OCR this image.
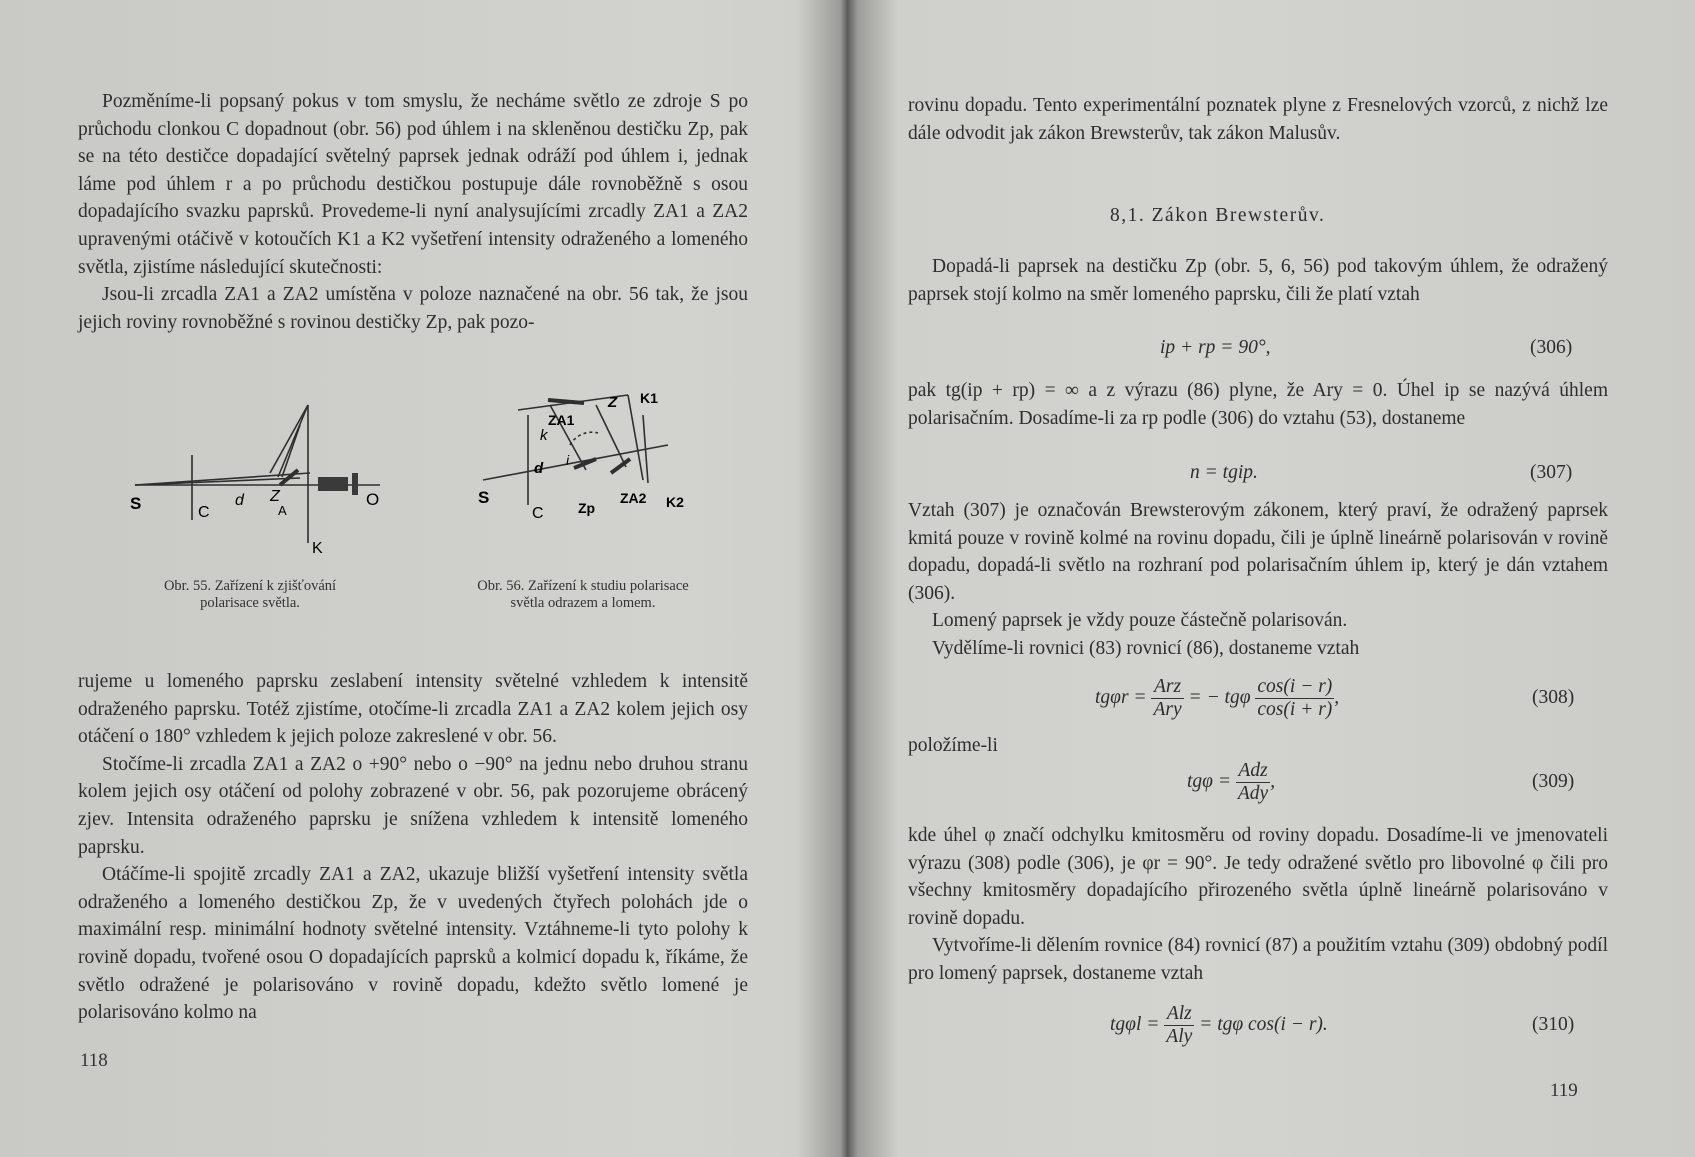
Pozměníme-li popsaný pokus v tom smyslu, že necháme světlo ze zdroje S po průchodu clonkou C dopadnout (obr. 56) pod úhlem i na skleněnou destičku Zp, pak se na této destičce dopadající světelný paprsek jednak odráží pod úhlem i, jednak láme pod úhlem r a po průchodu destičkou postupuje dále rovnoběžně s osou dopadajícího svazku paprsků. Provedeme-li nyní analysujícími zrcadly ZA1 a ZA2 upravenými otáčivě v kotoučích K1 a K2 vyšetření intensity odraženého a lomeného světla, zjistíme následující skutečnosti:

Jsou-li zrcadla ZA1 a ZA2 umístěna v poloze naznačené na obr. 56 tak, že jsou jejich roviny rovnoběžné s rovinou destičky Zp, pak pozo-

S	C
d Z
A
O
K
Obr. 55. Zařízení k zjišťování polarisace světla.
S
C
d
k
i
ZA1
Z K1
Zp
ZA2 K2
Obr. 56. Zařízení k studiu polarisace světla odrazem a lomem.

rujeme u lomeného paprsku zeslabení intensity světelné vzhledem k intensitě odraženého paprsku. Totéž zjistíme, otočíme-li zrcadla ZA1 a ZA2 kolem jejich osy otáčení o 180° vzhledem k jejich poloze zakreslené v obr. 56.

Stočíme-li zrcadla ZA1 a ZA2 o +90° nebo o −90° na jednu nebo druhou stranu kolem jejich osy otáčení od polohy zobrazené v obr. 56, pak pozorujeme obrácený zjev. Intensita odraženého paprsku je snížena vzhledem k intensitě lomeného paprsku.

Otáčíme-li spojitě zrcadly ZA1 a ZA2, ukazuje bližší vyšetření intensity světla odraženého a lomeného destičkou Zp, že v uvedených čtyřech polohách jde o maximální resp. minimální hodnoty světelné intensity. Vztáhneme-li tyto polohy k rovině dopadu, tvořené osou O dopadajících paprsků a kolmicí dopadu k, říkáme, že světlo odražené je polarisováno v rovině dopadu, kdežto světlo lomené je polarisováno kolmo na

118
rovinu dopadu. Tento experimentální poznatek plyne z Fresnelových vzorců, z nichž lze dále odvodit jak zákon Brewsterův, tak zákon Malusův.
8,1. Zákon Brewsterův.

Dopadá-li paprsek na destičku Zp (obr. 5, 6, 56) pod takovým úhlem, že odražený paprsek stojí kolmo na směr lomeného paprsku, čili že platí vztah

ip + rp = 90°,	(306)
pak tg(ip + rp) = ∞ a z výrazu (86) plyne, že Ary = 0. Úhel ip se nazývá úhlem polarisačním. Dosadíme-li za rp podle (306) do vztahu (53), dostaneme
n = tgip.	(307)

Vztah (307) je označován Brewsterovým zákonem, který praví, že odražený paprsek kmitá pouze v rovině kolmé na rovinu dopadu, čili je úplně lineárně polarisován v rovině dopadu, dopadá-li světlo na rozhraní pod polarisačním úhlem ip, který je dán vztahem (306).

Lomený paprsek je vždy pouze částečně polarisován.

Vydělíme-li rovnici (83) rovnicí (86), dostaneme vztah

$tg\varphi r = \frac{\text{Arz}}{\text{Ary}}$ = − tgφ $\frac{\cos(i - r)}{\cos(i + r)}$ ,	(308)
položíme-li
$tg\varphi = \frac{\text{Adz}}{\text{Ady}}$ ,	(309)

kde úhel φ značí odchylku kmitosměru od roviny dopadu. Dosadíme-li ve jmenovateli výrazu (308) podle (306), je φr = 90°. Je tedy odražené světlo pro libovolné φ čili pro všechny kmitosměry dopadajícího přirozeného světla úplně lineárně polarisováno v rovině dopadu.

Vytvoříme-li dělením rovnice (84) rovnicí (87) a použitím vztahu (309) obdobný podíl pro lomený paprsek, dostaneme vztah

$tg\varphi l = \frac{\text{Alz}}{\text{Aly}} = tg\varphi$ cos(i − r).	(310)
119
